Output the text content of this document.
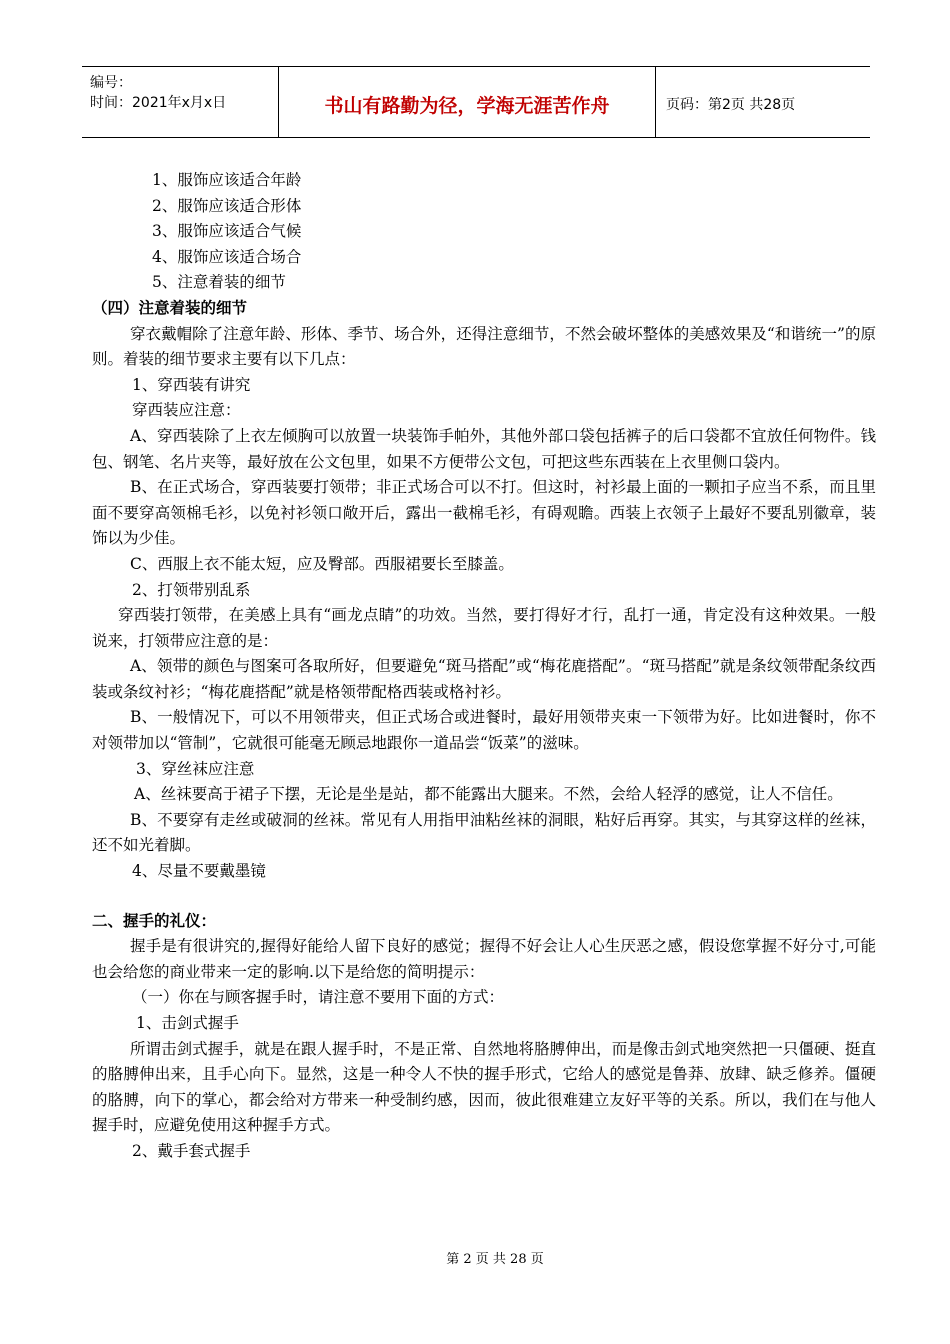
编号：
时间：2021年x月x日	书山有路勤为径，学海无涯苦作舟	页码：第2页 共28页

1、服饰应该适合年龄

2、服饰应该适合形体

3、服饰应该适合气候

4、服饰应该适合场合

5、注意着装的细节

（四）注意着装的细节

穿衣戴帽除了注意年龄、形体、季节、场合外，还得注意细节，不然会破坏整体的美感效果及“和谐统一”的原则。着装的细节要求主要有以下几点：

1、穿西装有讲究

穿西装应注意：

A、穿西装除了上衣左倾胸可以放置一块装饰手帕外，其他外部口袋包括裤子的后口袋都不宜放任何物件。钱包、钢笔、名片夹等，最好放在公文包里，如果不方便带公文包，可把这些东西装在上衣里侧口袋内。

B、在正式场合，穿西装要打领带；非正式场合可以不打。但这时，衬衫最上面的一颗扣子应当不系，而且里面不要穿高领棉毛衫，以免衬衫领口敞开后，露出一截棉毛衫，有碍观瞻。西装上衣领子上最好不要乱别徽章，装饰以为少佳。

C、西服上衣不能太短，应及臀部。西服裙要长至膝盖。

2、打领带别乱系

穿西装打领带，在美感上具有“画龙点睛”的功效。当然，要打得好才行，乱打一通，肯定没有这种效果。一般说来，打领带应注意的是：

A、领带的颜色与图案可各取所好，但要避免“斑马搭配”或“梅花鹿搭配”。“斑马搭配”就是条纹领带配条纹西装或条纹衬衫；“梅花鹿搭配”就是格领带配格西装或格衬衫。

B、一般情况下，可以不用领带夹，但正式场合或进餐时，最好用领带夹束一下领带为好。比如进餐时，你不对领带加以“管制”，它就很可能毫无顾忌地跟你一道品尝“饭菜”的滋味。

3、穿丝袜应注意

A、丝袜要高于裙子下摆，无论是坐是站，都不能露出大腿来。不然，会给人轻浮的感觉，让人不信任。

B、不要穿有走丝或破洞的丝袜。常见有人用指甲油粘丝袜的洞眼，粘好后再穿。其实，与其穿这样的丝袜，还不如光着脚。

4、尽量不要戴墨镜

二、握手的礼仪：

握手是有很讲究的,握得好能给人留下良好的感觉；握得不好会让人心生厌恶之感，假设您掌握不好分寸,可能也会给您的商业带来一定的影响.以下是给您的简明提示：

（一）你在与顾客握手时，请注意不要用下面的方式：

1、击剑式握手

所谓击剑式握手，就是在跟人握手时，不是正常、自然地将胳膊伸出，而是像击剑式地突然把一只僵硬、挺直的胳膊伸出来，且手心向下。显然，这是一种令人不快的握手形式，它给人的感觉是鲁莽、放肆、缺乏修养。僵硬的胳膊，向下的掌心，都会给对方带来一种受制约感，因而，彼此很难建立友好平等的关系。所以，我们在与他人握手时，应避免使用这种握手方式。

2、戴手套式握手

第 2 页 共 28 页
